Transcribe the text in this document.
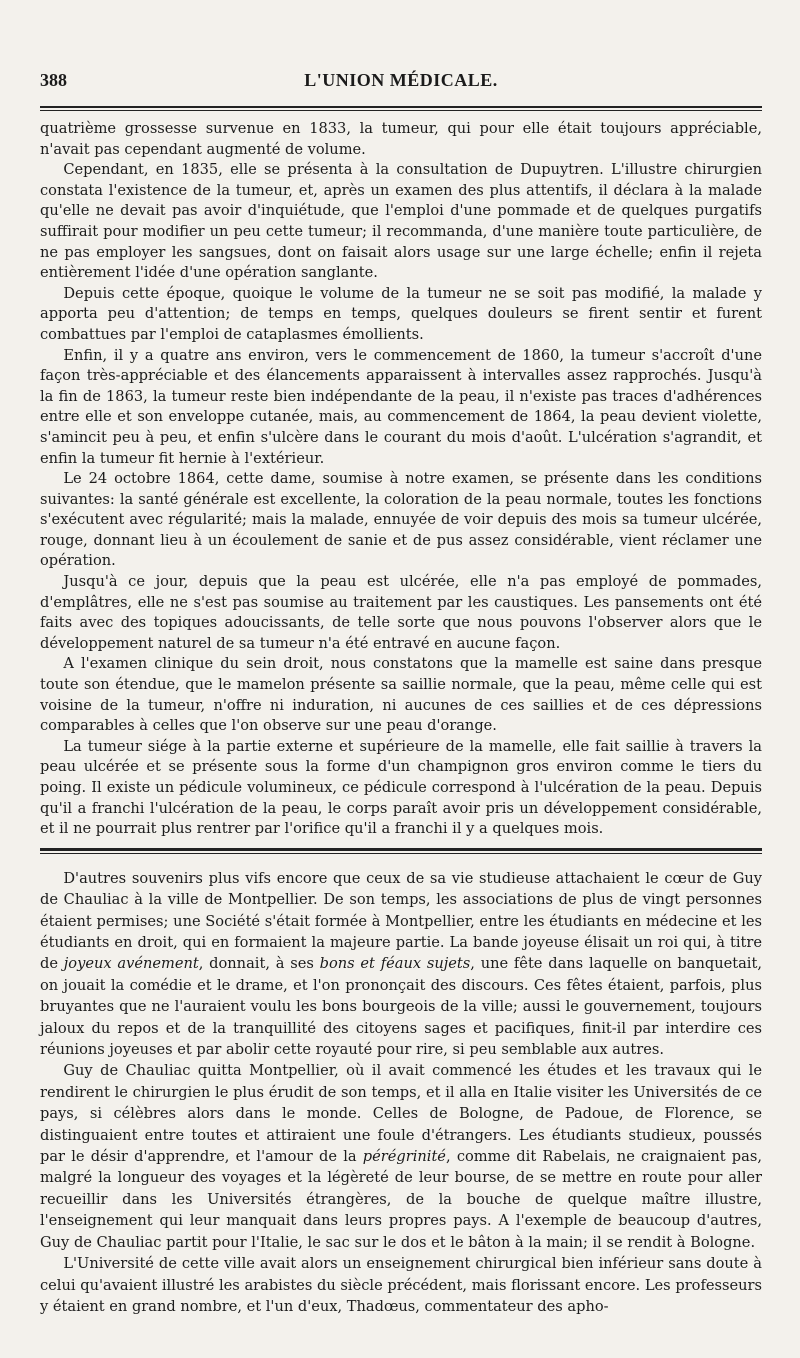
388	L'UNION MÉDICALE.

quatrième grossesse survenue en 1833, la tumeur, qui pour elle était toujours appréciable, n'avait pas cependant augmenté de volume.

Cependant, en 1835, elle se présenta à la consultation de Dupuytren. L'illustre chirurgien constata l'existence de la tumeur, et, après un examen des plus attentifs, il déclara à la malade qu'elle ne devait pas avoir d'inquiétude, que l'emploi d'une pommade et de quelques purgatifs suffirait pour modifier un peu cette tumeur; il recommanda, d'une manière toute particulière, de ne pas employer les sangsues, dont on faisait alors usage sur une large échelle; enfin il rejeta entièrement l'idée d'une opération sanglante.

Depuis cette époque, quoique le volume de la tumeur ne se soit pas modifié, la malade y apporta peu d'attention; de temps en temps, quelques douleurs se firent sentir et furent combattues par l'emploi de cataplasmes émollients.

Enfin, il y a quatre ans environ, vers le commencement de 1860, la tumeur s'accroît d'une façon très-appréciable et des élancements apparaissent à intervalles assez rapprochés. Jusqu'à la fin de 1863, la tumeur reste bien indépendante de la peau, il n'existe pas traces d'adhérences entre elle et son enveloppe cutanée, mais, au commencement de 1864, la peau devient violette, s'amincit peu à peu, et enfin s'ulcère dans le courant du mois d'août. L'ulcération s'agrandit, et enfin la tumeur fit hernie à l'extérieur.

Le 24 octobre 1864, cette dame, soumise à notre examen, se présente dans les conditions suivantes: la santé générale est excellente, la coloration de la peau normale, toutes les fonctions s'exécutent avec régularité; mais la malade, ennuyée de voir depuis des mois sa tumeur ulcérée, rouge, donnant lieu à un écoulement de sanie et de pus assez considérable, vient réclamer une opération.

Jusqu'à ce jour, depuis que la peau est ulcérée, elle n'a pas employé de pommades, d'emplâtres, elle ne s'est pas soumise au traitement par les caustiques. Les pansements ont été faits avec des topiques adoucissants, de telle sorte que nous pouvons l'observer alors que le développement naturel de sa tumeur n'a été entravé en aucune façon.

A l'examen clinique du sein droit, nous constatons que la mamelle est saine dans presque toute son étendue, que le mamelon présente sa saillie normale, que la peau, même celle qui est voisine de la tumeur, n'offre ni induration, ni aucunes de ces saillies et de ces dépressions comparables à celles que l'on observe sur une peau d'orange.

La tumeur siége à la partie externe et supérieure de la mamelle, elle fait saillie à travers la peau ulcérée et se présente sous la forme d'un champignon gros environ comme le tiers du poing. Il existe un pédicule volumineux, ce pédicule correspond à l'ulcération de la peau. Depuis qu'il a franchi l'ulcération de la peau, le corps paraît avoir pris un développement considérable, et il ne pourrait plus rentrer par l'orifice qu'il a franchi il y a quelques mois.

D'autres souvenirs plus vifs encore que ceux de sa vie studieuse attachaient le cœur de Guy de Chauliac à la ville de Montpellier. De son temps, les associations de plus de vingt personnes étaient permises; une Société s'était formée à Montpellier, entre les étudiants en médecine et les étudiants en droit, qui en formaient la majeure partie. La bande joyeuse élisait un roi qui, à titre de joyeux avénement, donnait, à ses bons et féaux sujets, une fête dans laquelle on banquetait, on jouait la comédie et le drame, et l'on prononçait des discours. Ces fêtes étaient, parfois, plus bruyantes que ne l'auraient voulu les bons bourgeois de la ville; aussi le gouvernement, toujours jaloux du repos et de la tranquillité des citoyens sages et pacifiques, finit-il par interdire ces réunions joyeuses et par abolir cette royauté pour rire, si peu semblable aux autres.

Guy de Chauliac quitta Montpellier, où il avait commencé les études et les travaux qui le rendirent le chirurgien le plus érudit de son temps, et il alla en Italie visiter les Universités de ce pays, si célèbres alors dans le monde. Celles de Bologne, de Padoue, de Florence, se distinguaient entre toutes et attiraient une foule d'étrangers. Les étudiants studieux, poussés par le désir d'apprendre, et l'amour de la pérégrinité, comme dit Rabelais, ne craignaient pas, malgré la longueur des voyages et la légèreté de leur bourse, de se mettre en route pour aller recueillir dans les Universités étrangères, de la bouche de quelque maître illustre, l'enseignement qui leur manquait dans leurs propres pays. A l'exemple de beaucoup d'autres, Guy de Chauliac partit pour l'Italie, le sac sur le dos et le bâton à la main; il se rendit à Bologne.

L'Université de cette ville avait alors un enseignement chirurgical bien inférieur sans doute à celui qu'avaient illustré les arabistes du siècle précédent, mais florissant encore. Les professeurs y étaient en grand nombre, et l'un d'eux, Thadœus, commentateur des apho-
